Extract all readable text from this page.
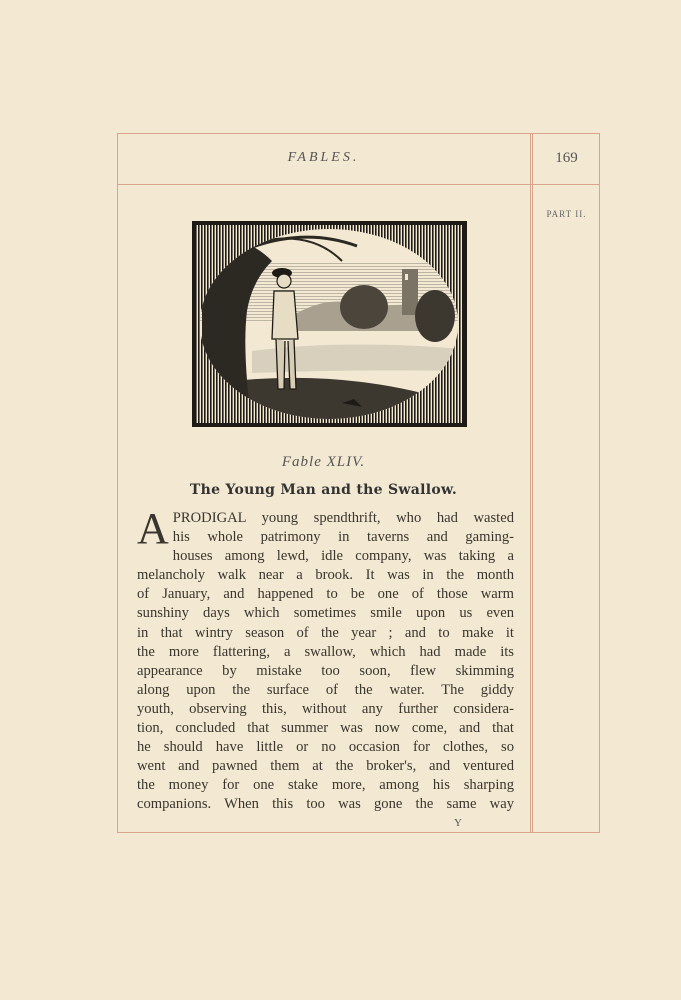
FABLES.	169
PART II.
Fable XLIV.
The Young Man and the Swallow.
A PRODIGAL young spendthrift, who had wasted
his whole patrimony in taverns and gaming-
houses among lewd, idle company, was taking a
melancholy walk near a brook. It was in the month
of January, and happened to be one of those warm
sunshiny days which sometimes smile upon us even
in that wintry season of the year ; and to make it
the more flattering, a swallow, which had made its
appearance by mistake too soon, flew skimming
along upon the surface of the water. The giddy
youth, observing this, without any further considera-
tion, concluded that summer was now come, and that
he should have little or no occasion for clothes, so
went and pawned them at the broker's, and ventured
the money for one stake more, among his sharping
companions. When this too was gone the same way
Y
